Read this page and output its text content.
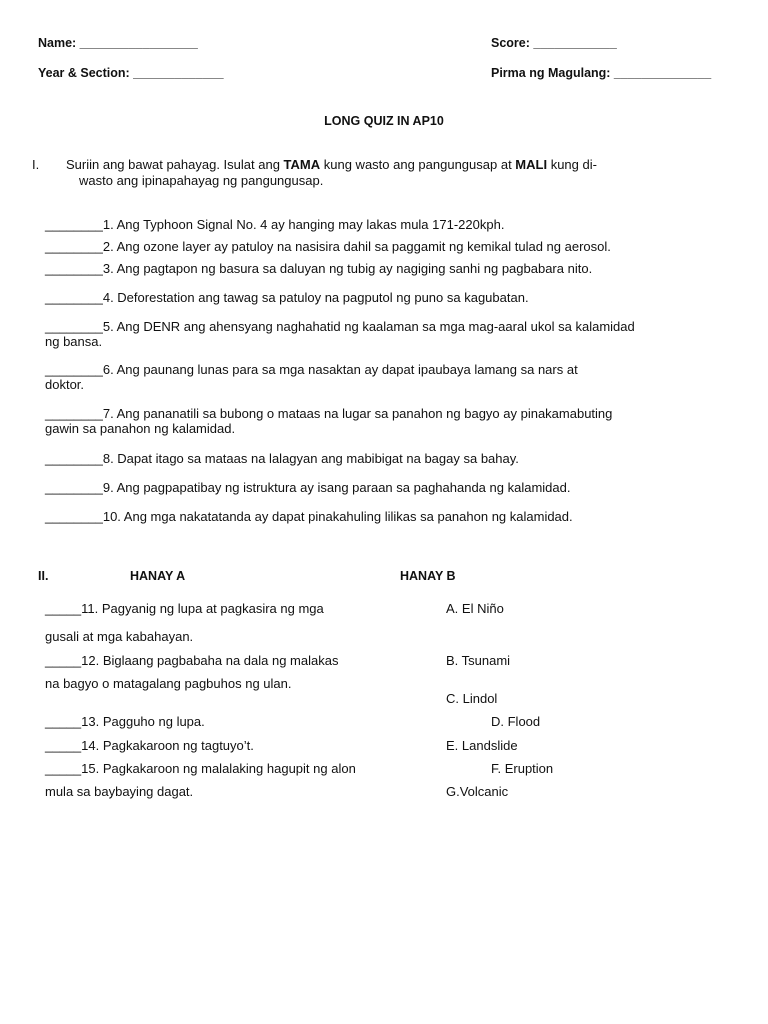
Name: _________________	Score: ____________
Year & Section: _____________	Pirma ng Magulang: ______________
LONG QUIZ IN AP10
I. Suriin ang bawat pahayag. Isulat ang TAMA kung wasto ang pangungusap at MALI kung di-
wasto ang ipinapahayag ng pangungusap.
________1. Ang Typhoon Signal No. 4 ay hanging may lakas mula 171-220kph.
________2. Ang ozone layer ay patuloy na nasisira dahil sa paggamit ng kemikal tulad ng aerosol.
________3. Ang pagtapon ng basura sa daluyan ng tubig ay nagiging sanhi ng pagbabara nito.
________4. Deforestation ang tawag sa patuloy na pagputol ng puno sa kagubatan.
________5. Ang DENR ang ahensyang naghahatid ng kaalaman sa mga mag-aaral ukol sa kalamidad
ng bansa.
________6. Ang paunang lunas para sa mga nasaktan ay dapat ipaubaya lamang sa nars at
doktor.
________7. Ang pananatili sa bubong o mataas na lugar sa panahon ng bagyo ay pinakamabuting
gawin sa panahon ng kalamidad.
________8. Dapat itago sa mataas na lalagyan ang mabibigat na bagay sa bahay.
________9. Ang pagpapatibay ng istruktura ay isang paraan sa paghahanda ng kalamidad.
________10. Ang mga nakatatanda ay dapat pinakahuling lilikas sa panahon ng kalamidad.
II.	HANAY A	HANAY B
_____11. Pagyanig ng lupa at pagkasira ng mga
gusali at mga kabahayan.
_____12. Biglaang pagbabaha na dala ng malakas
na bagyo o matagalang pagbuhos ng ulan.
_____13. Pagguho ng lupa.
_____14. Pagkakaroon ng tagtuyo’t.
_____15. Pagkakaroon ng malalaking hagupit ng alon
mula sa baybaying dagat.
A. El Niño
B. Tsunami
C. Lindol
D. Flood
E. Landslide
F. Eruption
G.Volcanic
